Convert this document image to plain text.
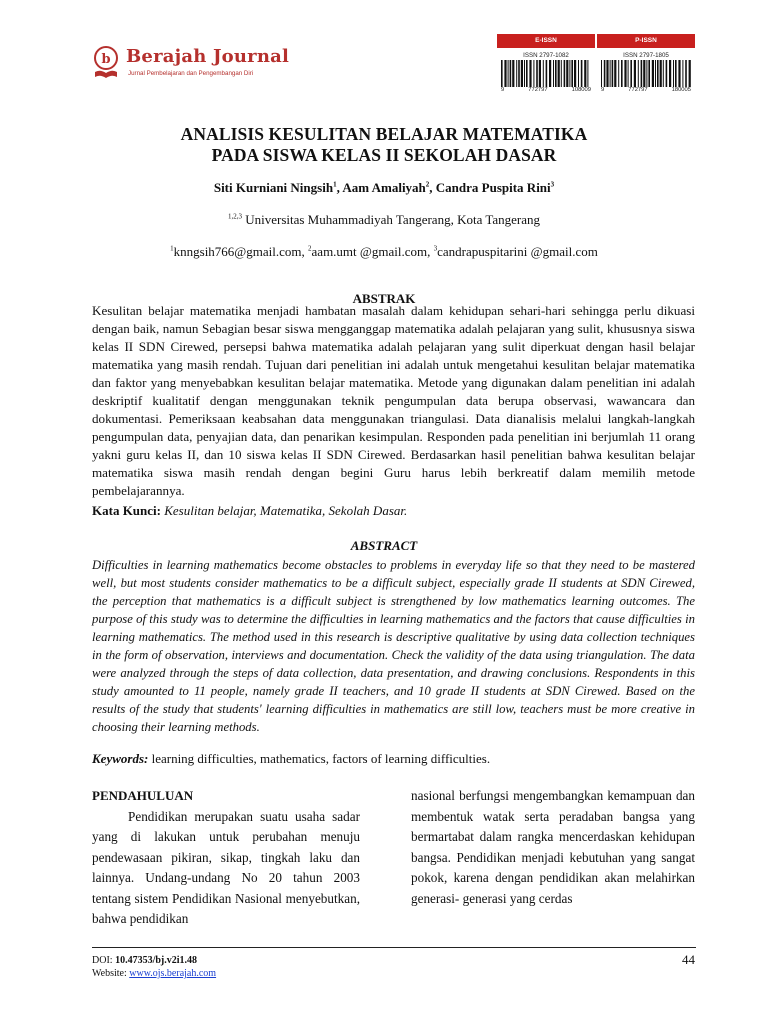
b Berajah Journal
Jurnal Pembelajaran dan Pengembangan Diri
E-ISSN	P-ISSN
ISSN 2797-1082	ISSN 2797-1805
9	772797	108009 9	772797	180005
ANALISIS KESULITAN BELAJAR MATEMATIKA
PADA SISWA KELAS II SEKOLAH DASAR
Siti Kurniani Ningsih$^1$, Aam Amaliyah$^2$, Candra Puspita Rini$^3$
$^{1,2,3}$ Universitas Muhammadiyah Tangerang, Kota Tangerang
$^1$knngsih766@gmail.com, $^2$aam.umt @gmail.com, $^3$candrapuspitarini @gmail.com
ABSTRAK
Kesulitan belajar matematika menjadi hambatan masalah dalam kehidupan sehari-hari sehingga perlu dikuasi dengan baik, namun Sebagian besar siswa mengganggap matematika adalah pelajaran yang sulit, khususnya siswa kelas II SDN Cirewed, persepsi bahwa matematika adalah pelajaran yang sulit diperkuat dengan hasil belajar matematika yang masih rendah. Tujuan dari penelitian ini adalah untuk mengetahui kesulitan belajar matematika dan faktor yang menyebabkan kesulitan belajar matematika. Metode yang digunakan dalam penelitian ini adalah deskriptif kualitatif dengan menggunakan teknik pengumpulan data berupa observasi, wawancara dan dokumentasi. Pemeriksaan keabsahan data menggunakan triangulasi. Data dianalisis melalui langkah-langkah pengumpulan data, penyajian data, dan penarikan kesimpulan. Responden pada penelitian ini berjumlah 11 orang yakni guru kelas II, dan 10 siswa kelas II SDN Cirewed. Berdasarkan hasil penelitian bahwa kesulitan belajar matematika siswa masih rendah dengan begini Guru harus lebih berkreatif dalam memilih metode pembelajarannya.
Kata Kunci: Kesulitan belajar, Matematika, Sekolah Dasar.
ABSTRACT
Difficulties in learning mathematics become obstacles to problems in everyday life so that they need to be mastered well, but most students consider mathematics to be a difficult subject, especially grade II students at SDN Cirewed, the perception that mathematics is a difficult subject is strengthened by low mathematics learning outcomes. The purpose of this study was to determine the difficulties in learning mathematics and the factors that cause difficulties in learning mathematics. The method used in this research is descriptive qualitative by using data collection techniques in the form of observation, interviews and documentation. Check the validity of the data using triangulation. The data were analyzed through the steps of data collection, data presentation, and drawing conclusions. Respondents in this study amounted to 11 people, namely grade II teachers, and 10 grade II students at SDN Cirewed. Based on the results of the study that students' learning difficulties in mathematics are still low, teachers must be more creative in choosing their learning methods.
Keywords: learning difficulties, mathematics, factors of learning difficulties.

PENDAHULUAN

Pendidikan merupakan suatu usaha sadar yang di lakukan untuk perubahan menuju pendewasaan pikiran, sikap, tingkah laku dan lainnya. Undang-undang No 20 tahun 2003 tentang sistem Pendidikan Nasional menyebutkan, bahwa pendidikan

nasional berfungsi mengembangkan kemampuan dan membentuk watak serta peradaban bangsa yang bermartabat dalam rangka mencerdaskan kehidupan bangsa. Pendidikan menjadi kebutuhan yang sangat pokok, karena dengan pendidikan akan melahirkan generasi- generasi yang cerdas

DOI: 10.47353/bj.v2i1.48
Website: www.ojs.berajah.com
44
